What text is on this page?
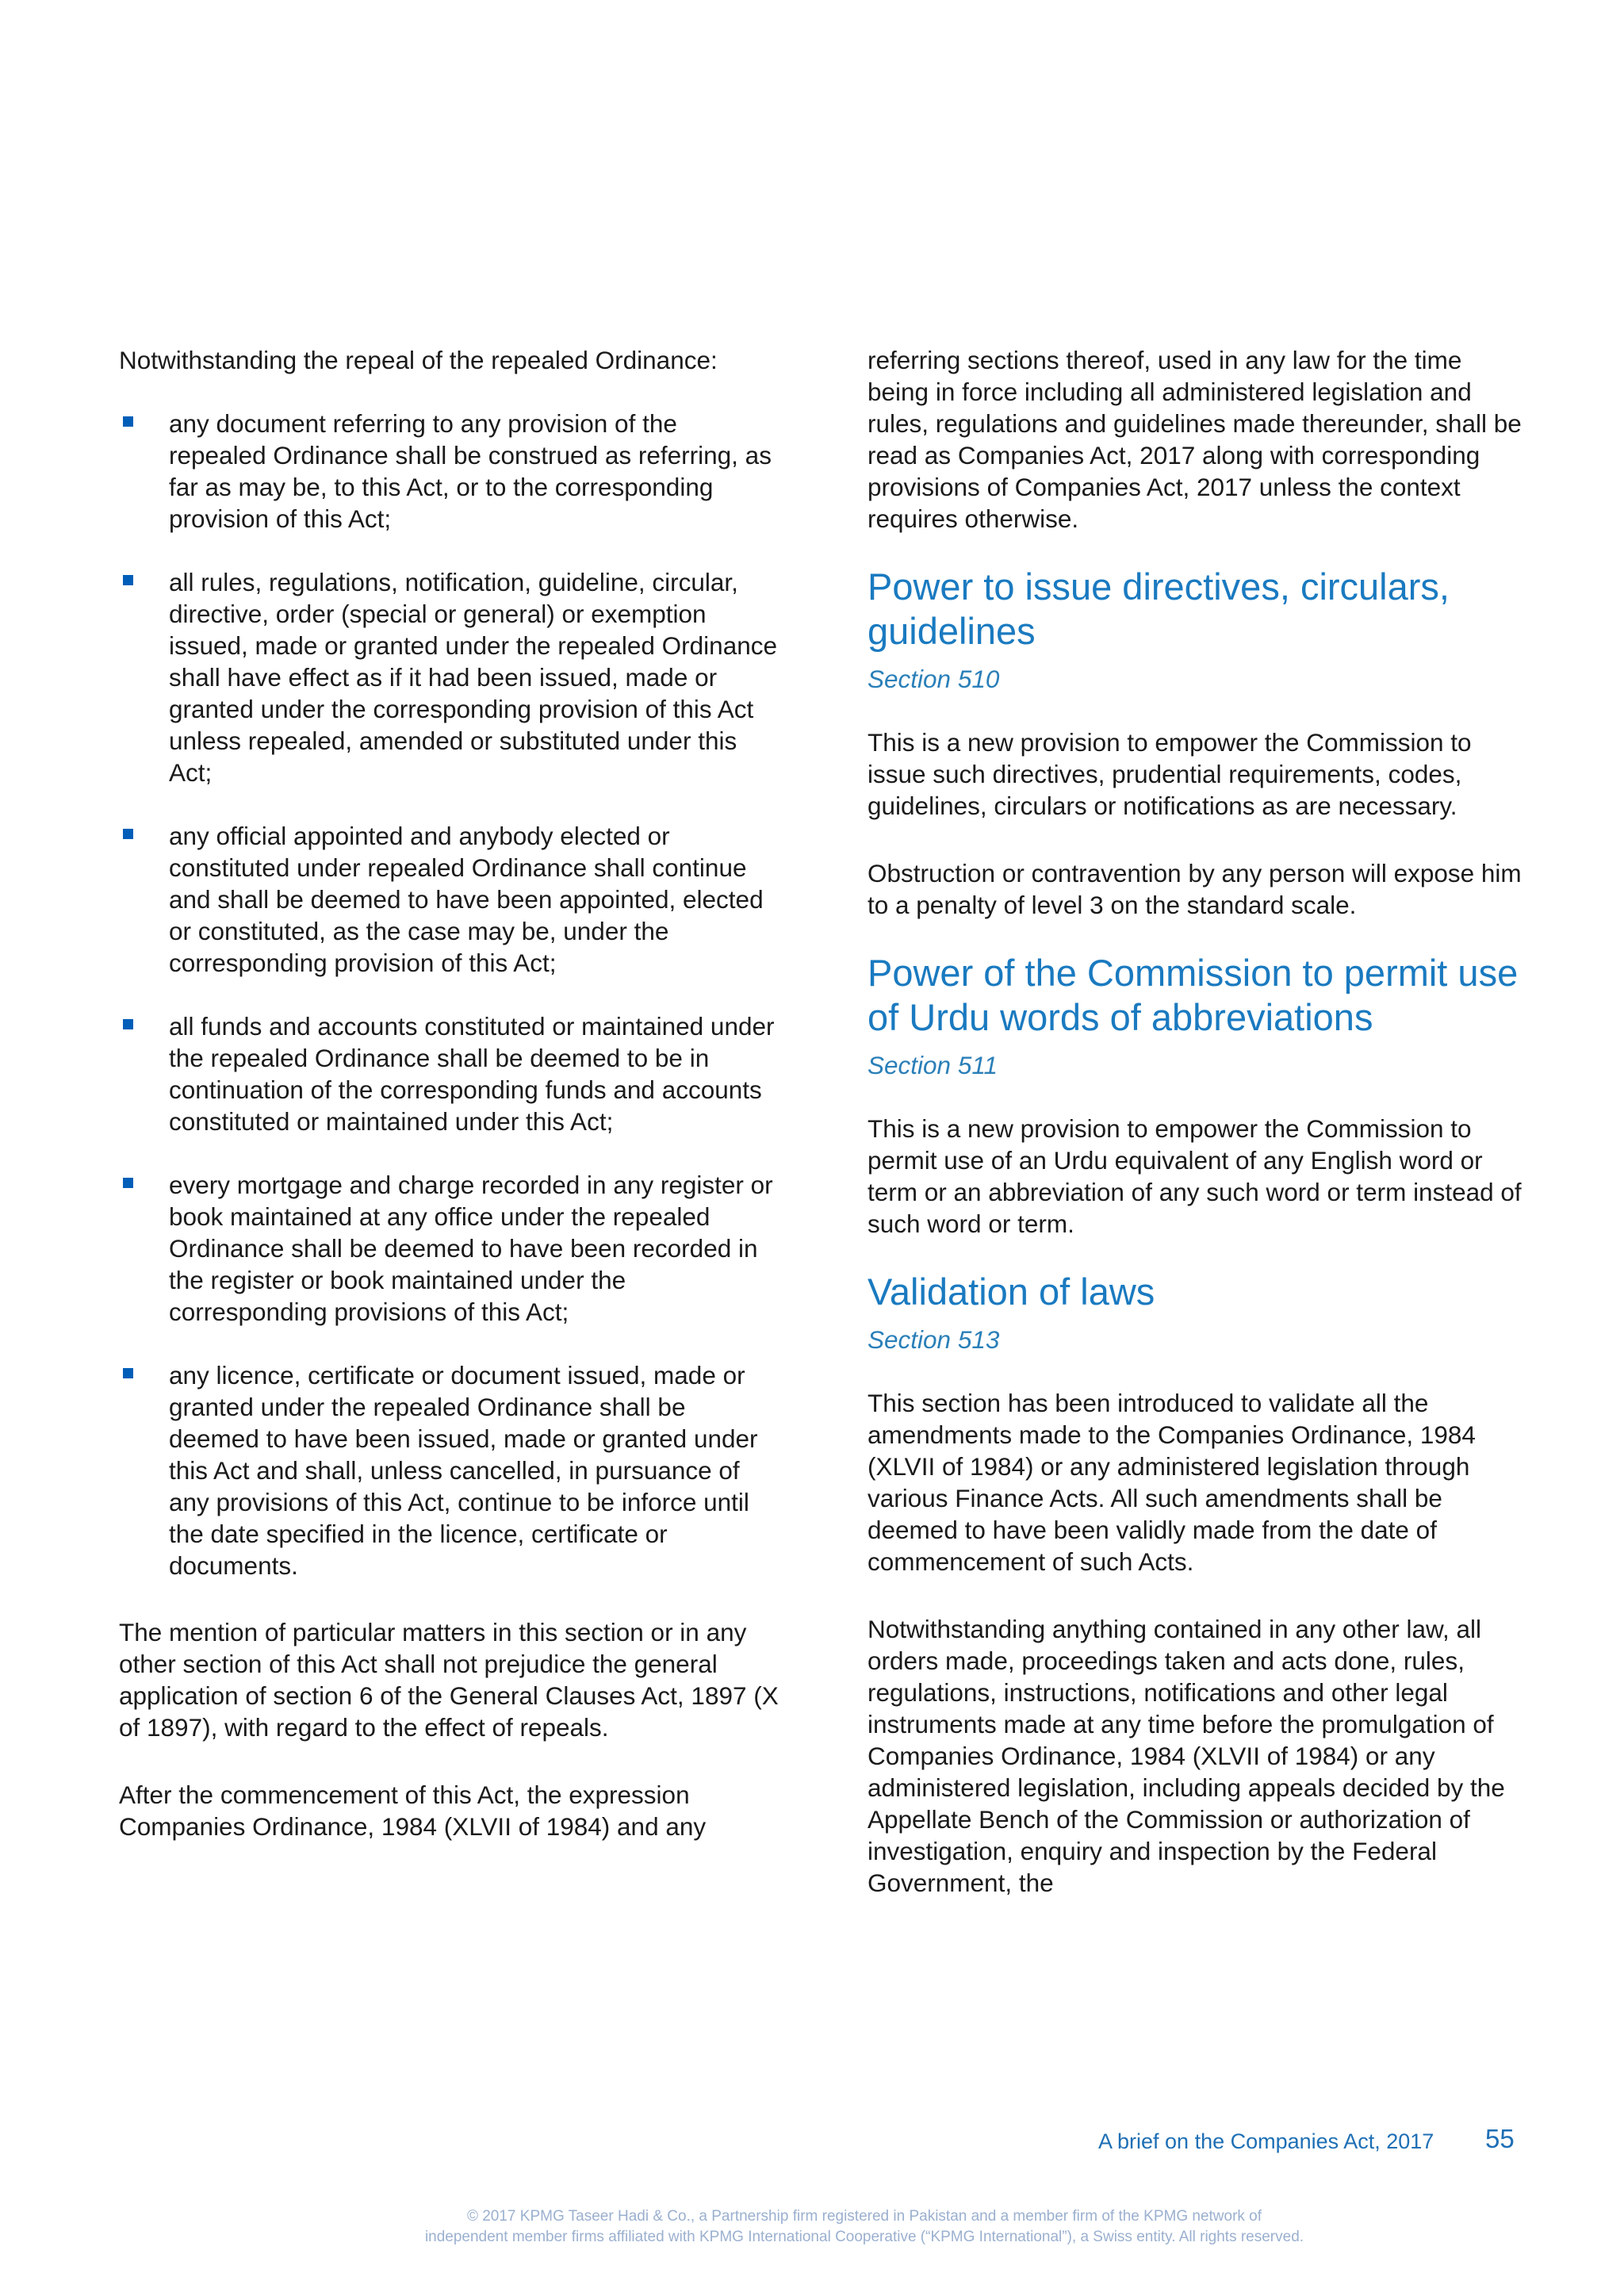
Notwithstanding the repeal of the repealed Ordinance:

any document referring to any provision of the repealed Ordinance shall be construed as referring, as far as may be, to this Act, or to the corresponding provision of this Act;
all rules, regulations, notification, guideline, circular, directive, order (special or general) or exemption issued, made or granted under the repealed Ordinance shall have effect as if it had been issued, made or granted under the corresponding provision of this Act unless repealed, amended or substituted under this Act;
any official appointed and anybody elected or constituted under repealed Ordinance shall continue and shall be deemed to have been appointed, elected or constituted, as the case may be, under the corresponding provision of this Act;
all funds and accounts constituted or maintained under the repealed Ordinance shall be deemed to be in continuation of the corresponding funds and accounts constituted or maintained under this Act;
every mortgage and charge recorded in any register or book maintained at any office under the repealed Ordinance shall be deemed to have been recorded in the register or book maintained under the corresponding provisions of this Act;
any licence, certificate or document issued, made or granted under the repealed Ordinance shall be deemed to have been issued, made or granted under this Act and shall, unless cancelled, in pursuance of any provisions of this Act, continue to be inforce until the date specified in the licence, certificate or documents.

The mention of particular matters in this section or in any other section of this Act shall not prejudice the general application of section 6 of the General Clauses Act, 1897 (X of 1897), with regard to the effect of repeals.

After the commencement of this Act, the expression Companies Ordinance, 1984 (XLVII of 1984) and any

referring sections thereof, used in any law for the time being in force including all administered legislation and rules, regulations and guidelines made thereunder, shall be read as Companies Act, 2017 along with corresponding provisions of Companies Act, 2017 unless the context requires otherwise.

Power to issue directives, circulars, guidelines
Section 510

This is a new provision to empower the Commission to issue such directives, prudential requirements, codes, guidelines, circulars or notifications as are necessary.

Obstruction or contravention by any person will expose him to a penalty of level 3 on the standard scale.

Power of the Commission to permit use of Urdu words of abbreviations
Section 511

This is a new provision to empower the Commission to permit use of an Urdu equivalent of any English word or term or an abbreviation of any such word or term instead of such word or term.

Validation of laws
Section 513

This section has been introduced to validate all the amendments made to the Companies Ordinance, 1984 (XLVII of 1984) or any administered legislation through various Finance Acts. All such amendments shall be deemed to have been validly made from the date of commencement of such Acts.

Notwithstanding anything contained in any other law, all orders made, proceedings taken and acts done, rules, regulations, instructions, notifications and other legal instruments made at any time before the promulgation of Companies Ordinance, 1984 (XLVII of 1984) or any administered legislation, including appeals decided by the Appellate Bench of the Commission or authorization of investigation, enquiry and inspection by the Federal Government, the

A brief on the Companies Act, 2017 55
© 2017 KPMG Taseer Hadi & Co., a Partnership firm registered in Pakistan and a member firm of the KPMG network of
independent member firms affiliated with KPMG International Cooperative (“KPMG International”), a Swiss entity. All rights reserved.
